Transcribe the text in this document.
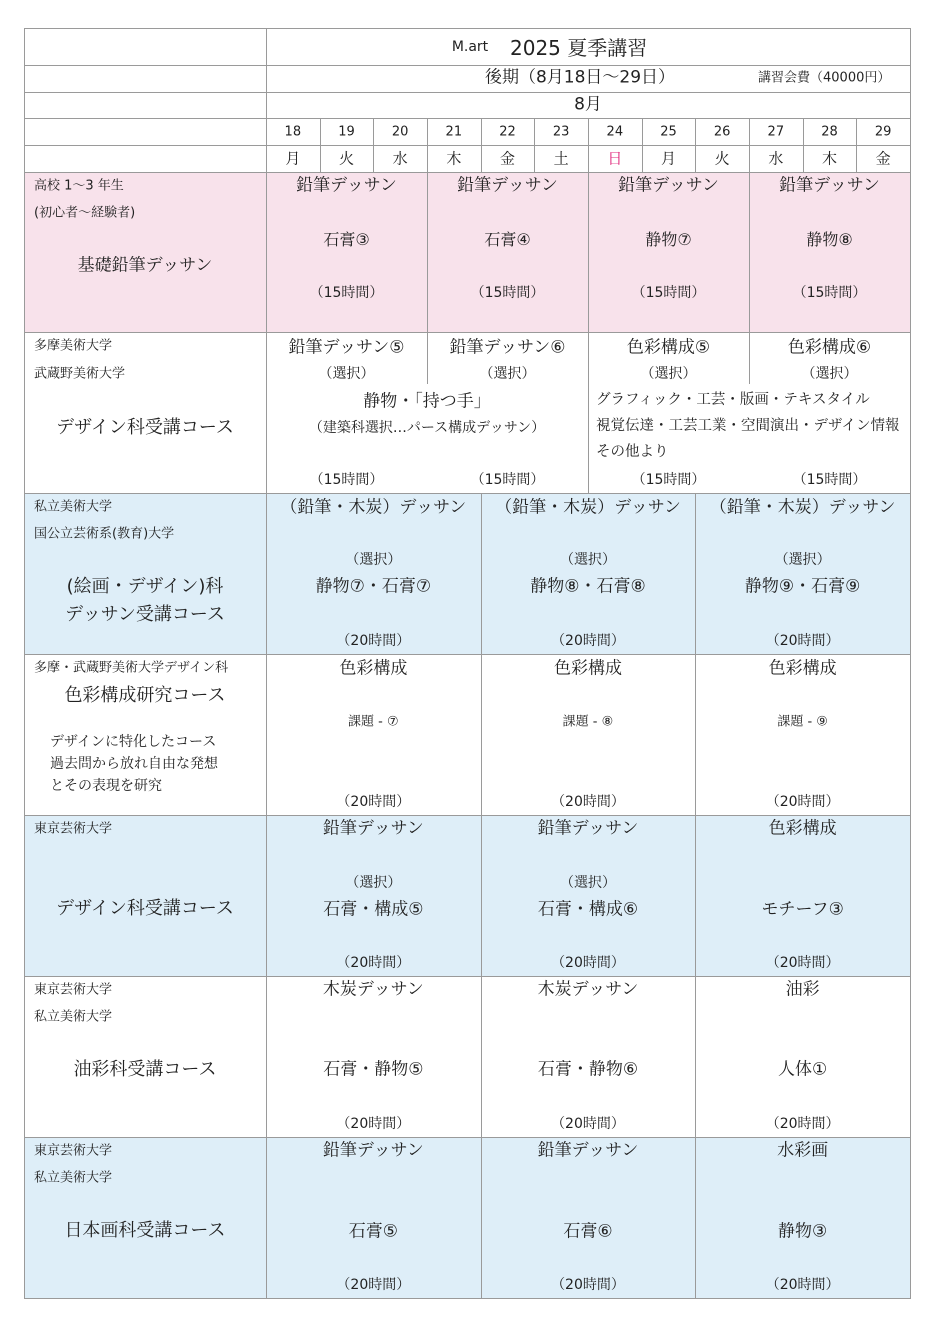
M.art	2025 夏季講習
後期（8月18日～29日）	講習会費（40000円）
8月
18
月
19
火
20
水
21
木
22
金
23
土
24
日
25
月
26
火
27
水
28
木
29
金
高校 1～3 年生
(初心者～経験者)
基礎鉛筆デッサン
鉛筆デッサン
石膏③
（15時間）
鉛筆デッサン
石膏④
（15時間）
鉛筆デッサン
静物⑦
（15時間）
鉛筆デッサン
静物⑧
（15時間）
多摩美術大学
武蔵野美術大学
デザイン科受講コース
鉛筆デッサン⑤
（選択）
（15時間）
鉛筆デッサン⑥
（選択）
（15時間）
色彩構成⑤
（選択）
（15時間）
色彩構成⑥
（選択）
（15時間）
静物・「持つ手」
（建築科選択…パース構成デッサン）
グラフィック・工芸・版画・テキスタイル
視覚伝達・工芸工業・空間演出・デザイン情報
その他より
私立美術大学
国公立芸術系(教育)大学
(絵画・デザイン)科
デッサン受講コース
（鉛筆・木炭）デッサン
（選択）
静物⑦・石膏⑦
（20時間）
（鉛筆・木炭）デッサン
（選択）
静物⑧・石膏⑧
（20時間）
（鉛筆・木炭）デッサン
（選択）
静物⑨・石膏⑨
（20時間）
多摩・武蔵野美術大学デザイン科
色彩構成研究コース
デザインに特化したコース
過去問から放れ自由な発想
とその表現を研究
色彩構成
課題 - ⑦
（20時間）
色彩構成
課題 - ⑧
（20時間）
色彩構成
課題 - ⑨
（20時間）
東京芸術大学
デザイン科受講コース
鉛筆デッサン
（選択）
石膏・構成⑤
（20時間）
鉛筆デッサン
（選択）
石膏・構成⑥
（20時間）
色彩構成
モチーフ③
（20時間）
東京芸術大学
私立美術大学
油彩科受講コース
木炭デッサン
石膏・静物⑤
（20時間）
木炭デッサン
石膏・静物⑥
（20時間）
油彩
人体①
（20時間）
東京芸術大学
私立美術大学
日本画科受講コース
鉛筆デッサン
石膏⑤
（20時間）
鉛筆デッサン
石膏⑥
（20時間）
水彩画
静物③
（20時間）
